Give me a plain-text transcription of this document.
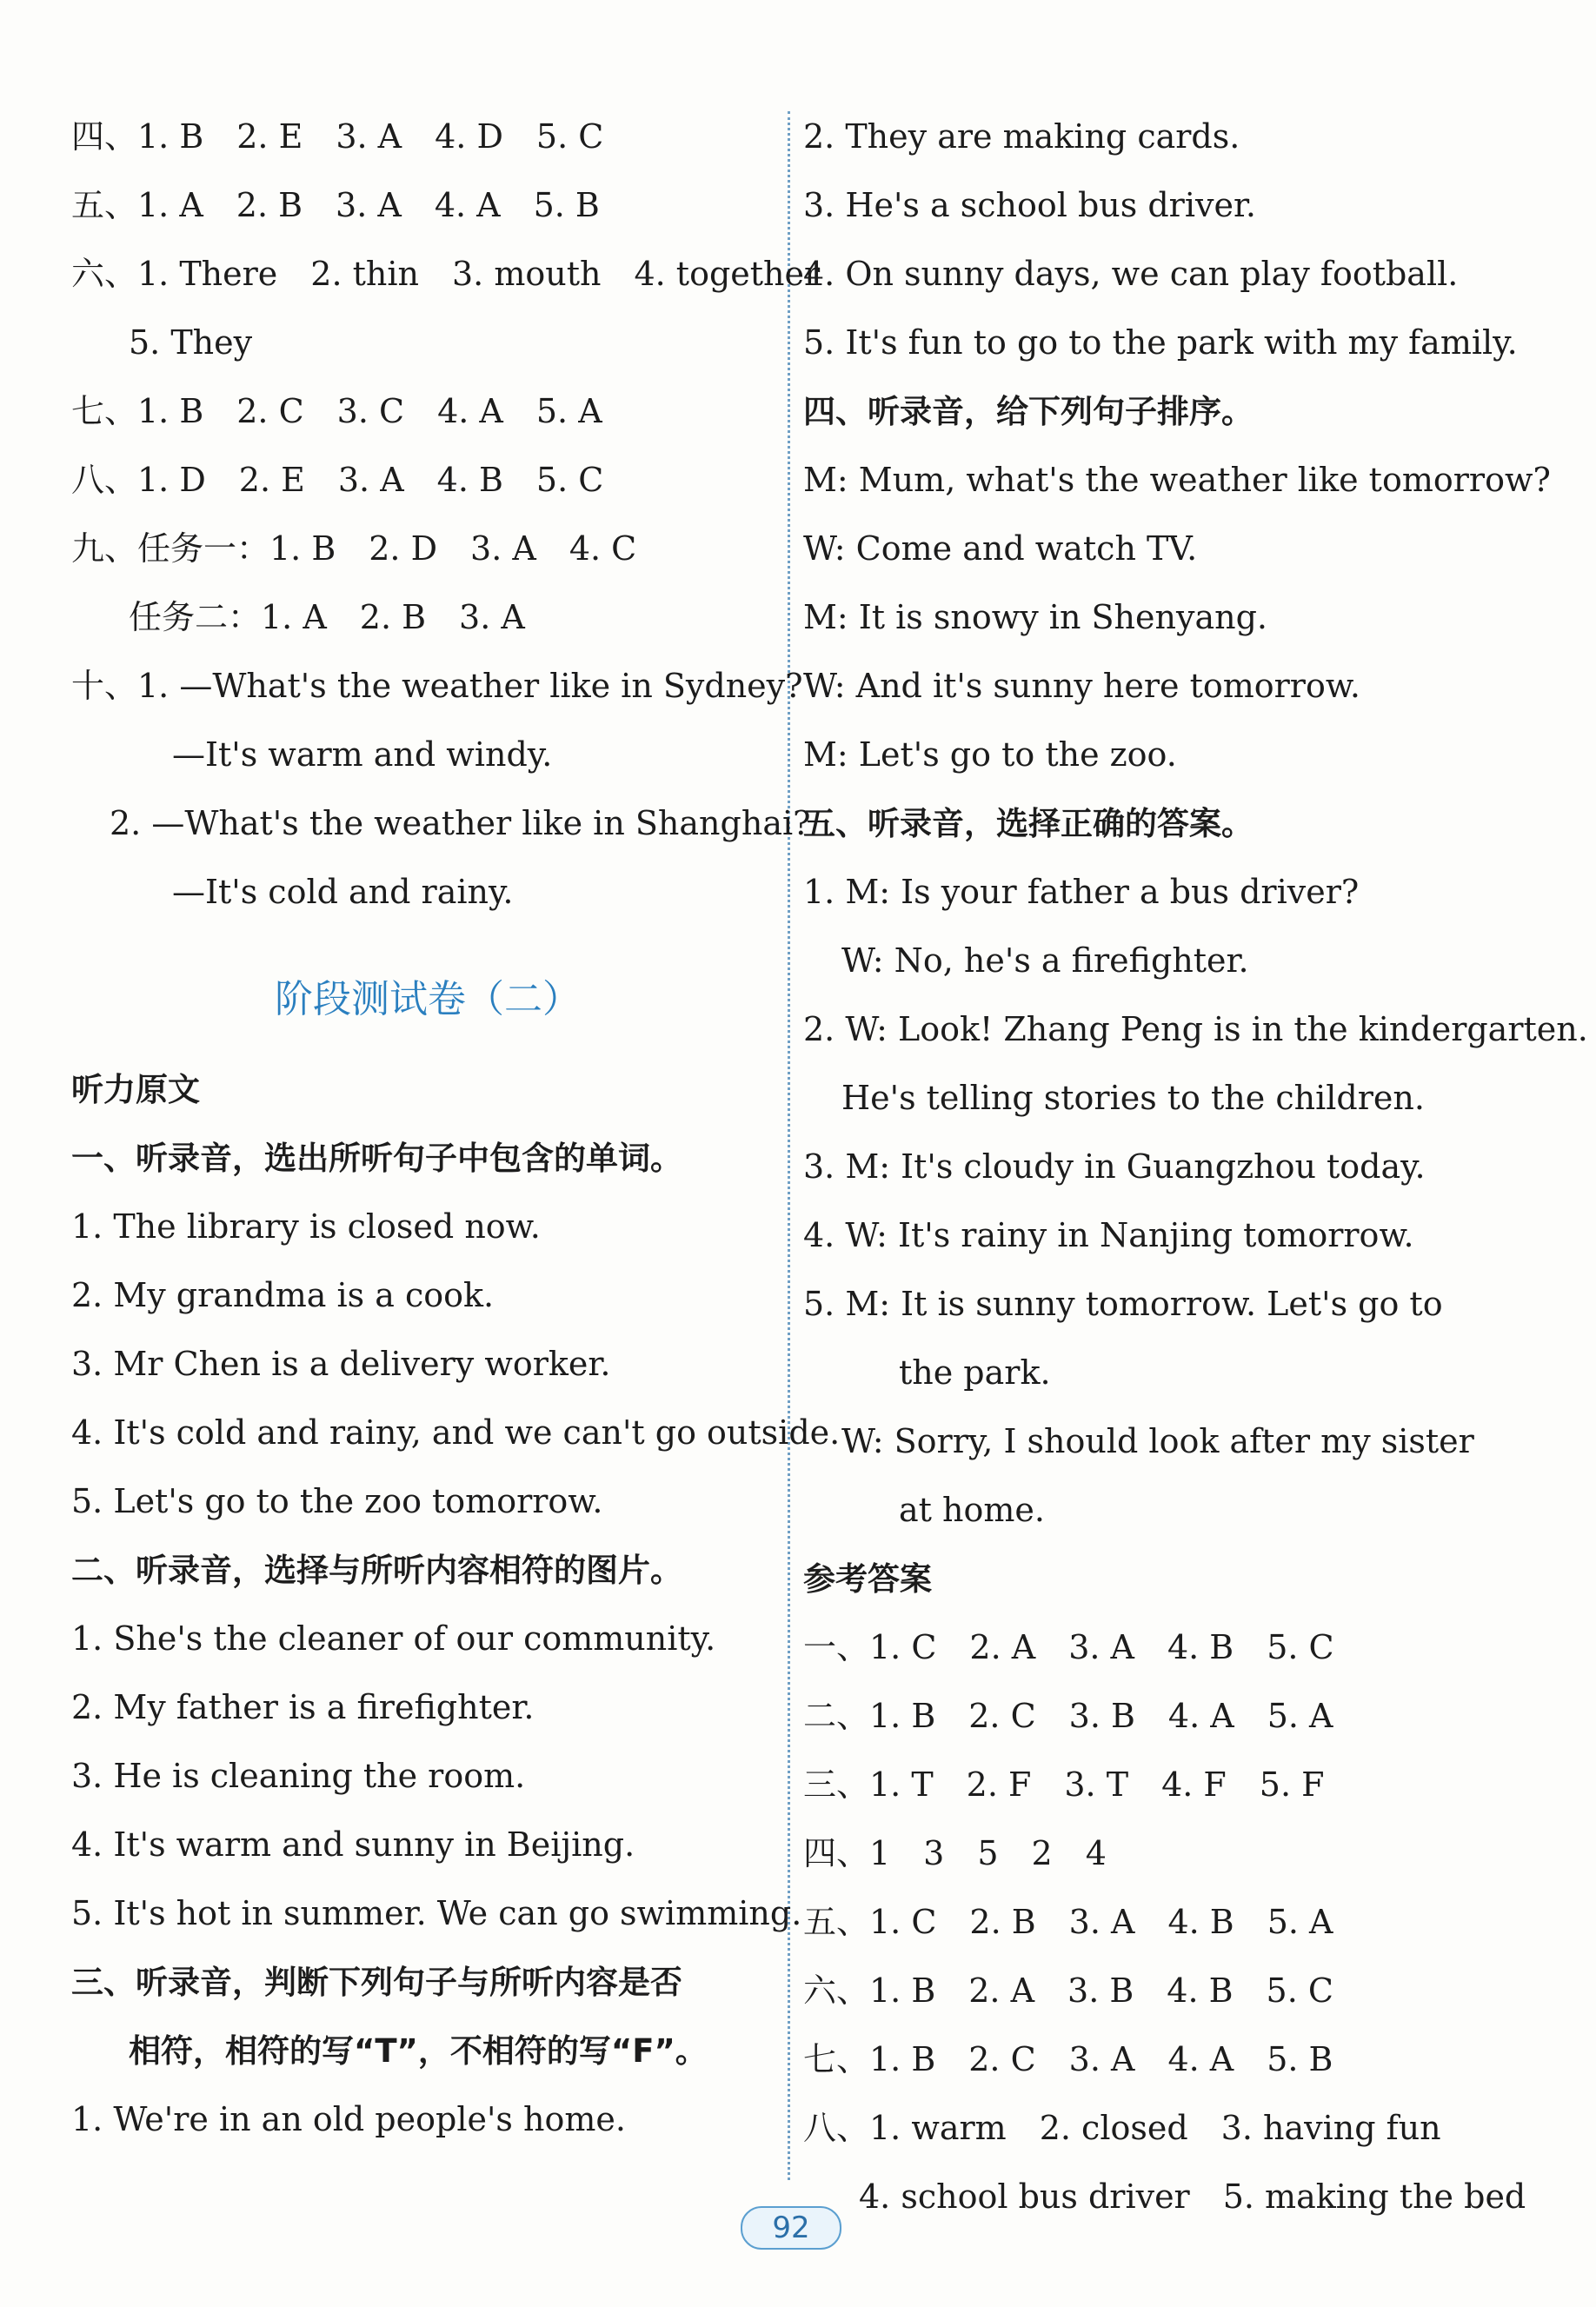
四、1. B　2. E　3. A　4. D　5. C
五、1. A　2. B　3. A　4. A　5. B
六、1. There　2. thin　3. mouth　4. together
5. They
七、1. B　2. C　3. C　4. A　5. A
八、1. D　2. E　3. A　4. B　5. C
九、任务一：1. B　2. D　3. A　4. C
任务二：1. A　2. B　3. A
十、1. —What's the weather like in Sydney?
—It's warm and windy.
2. —What's the weather like in Shanghai?
—It's cold and rainy.
阶段测试卷（二）
听力原文
一、听录音，选出所听句子中包含的单词。
1. The library is closed now.
2. My grandma is a cook.
3. Mr Chen is a delivery worker.
4. It's cold and rainy, and we can't go outside.
5. Let's go to the zoo tomorrow.
二、听录音，选择与所听内容相符的图片。
1. She's the cleaner of our community.
2. My father is a firefighter.
3. He is cleaning the room.
4. It's warm and sunny in Beijing.
5. It's hot in summer. We can go swimming.
三、听录音，判断下列句子与所听内容是否
相符，相符的写“T”，不相符的写“F”。
1. We're in an old people's home.
2. They are making cards.
3. He's a school bus driver.
4. On sunny days, we can play football.
5. It's fun to go to the park with my family.
四、听录音，给下列句子排序。
M: Mum, what's the weather like tomorrow?
W: Come and watch TV.
M: It is snowy in Shenyang.
W: And it's sunny here tomorrow.
M: Let's go to the zoo.
五、听录音，选择正确的答案。
1. M: Is your father a bus driver?
W: No, he's a firefighter.
2. W: Look! Zhang Peng is in the kindergarten.
He's telling stories to the children.
3. M: It's cloudy in Guangzhou today.
4. W: It's rainy in Nanjing tomorrow.
5. M: It is sunny tomorrow. Let's go to
the park.
W: Sorry, I should look after my sister
at home.
参考答案
一、1. C　2. A　3. A　4. B　5. C
二、1. B　2. C　3. B　4. A　5. A
三、1. T　2. F　3. T　4. F　5. F
四、1　3　5　2　4
五、1. C　2. B　3. A　4. B　5. A
六、1. B　2. A　3. B　4. B　5. C
七、1. B　2. C　3. A　4. A　5. B
八、1. warm　2. closed　3. having fun
4. school bus driver　5. making the bed
92
